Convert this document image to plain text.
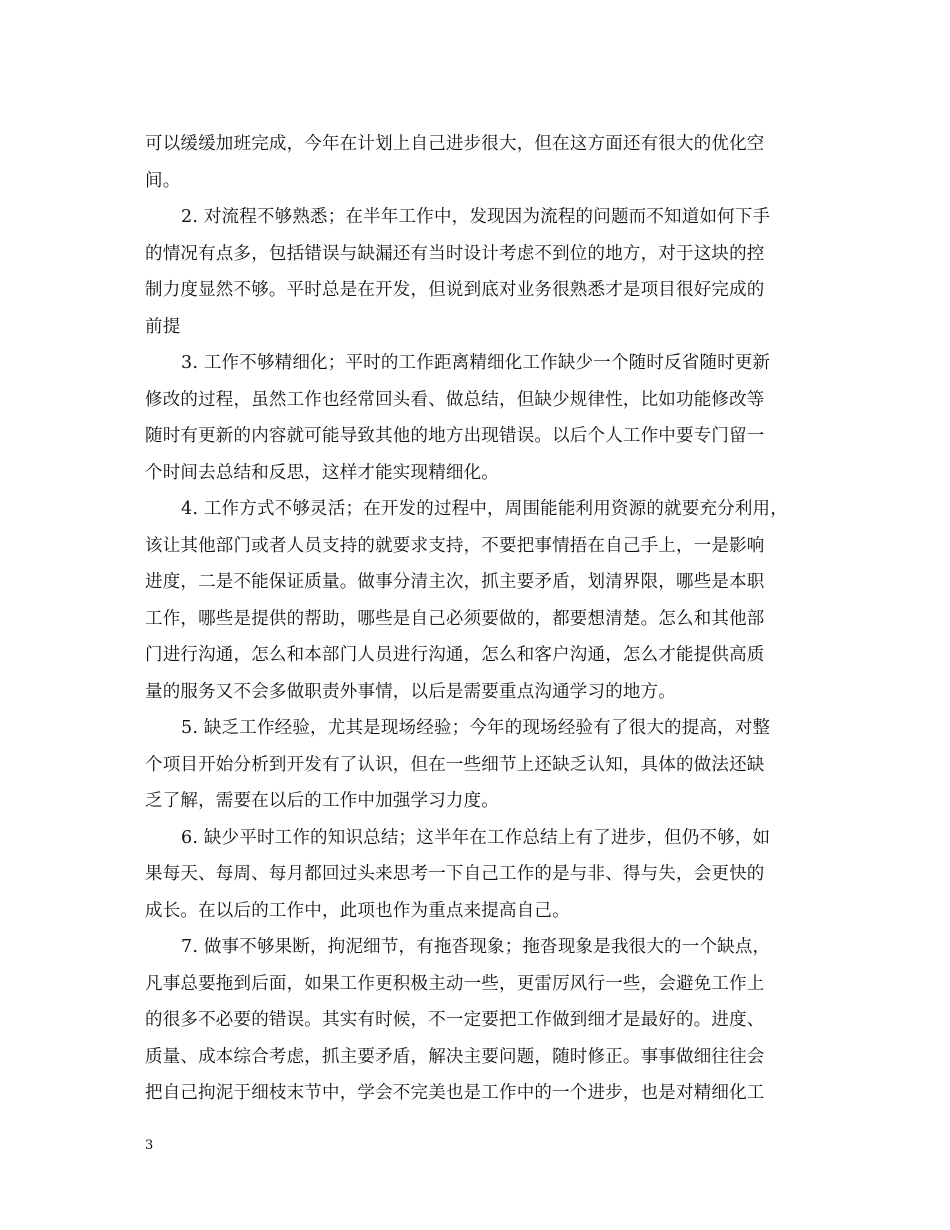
可以缓缓加班完成，今年在计划上自己进步很大，但在这方面还有很大的优化空
间。
2. 对流程不够熟悉；在半年工作中，发现因为流程的问题而不知道如何下手
的情况有点多，包括错误与缺漏还有当时设计考虑不到位的地方，对于这块的控
制力度显然不够。平时总是在开发，但说到底对业务很熟悉才是项目很好完成的
前提
3. 工作不够精细化；平时的工作距离精细化工作缺少一个随时反省随时更新
修改的过程，虽然工作也经常回头看、做总结，但缺少规律性，比如功能修改等
随时有更新的内容就可能导致其他的地方出现错误。以后个人工作中要专门留一
个时间去总结和反思，这样才能实现精细化。
4. 工作方式不够灵活；在开发的过程中，周围能能利用资源的就要充分利用，
该让其他部门或者人员支持的就要求支持，不要把事情捂在自己手上，一是影响
进度，二是不能保证质量。做事分清主次，抓主要矛盾，划清界限，哪些是本职
工作，哪些是提供的帮助，哪些是自己必须要做的，都要想清楚。怎么和其他部
门进行沟通，怎么和本部门人员进行沟通，怎么和客户沟通，怎么才能提供高质
量的服务又不会多做职责外事情，以后是需要重点沟通学习的地方。
5. 缺乏工作经验，尤其是现场经验；今年的现场经验有了很大的提高，对整
个项目开始分析到开发有了认识，但在一些细节上还缺乏认知，具体的做法还缺
乏了解，需要在以后的工作中加强学习力度。
6. 缺少平时工作的知识总结；这半年在工作总结上有了进步，但仍不够，如
果每天、每周、每月都回过头来思考一下自己工作的是与非、得与失，会更快的
成长。在以后的工作中，此项也作为重点来提高自己。
7. 做事不够果断，拘泥细节，有拖沓现象；拖沓现象是我很大的一个缺点，
凡事总要拖到后面，如果工作更积极主动一些，更雷厉风行一些，会避免工作上
的很多不必要的错误。其实有时候，不一定要把工作做到细才是最好的。进度、
质量、成本综合考虑，抓主要矛盾，解决主要问题，随时修正。事事做细往往会
把自己拘泥于细枝末节中，学会不完美也是工作中的一个进步，也是对精细化工
3
